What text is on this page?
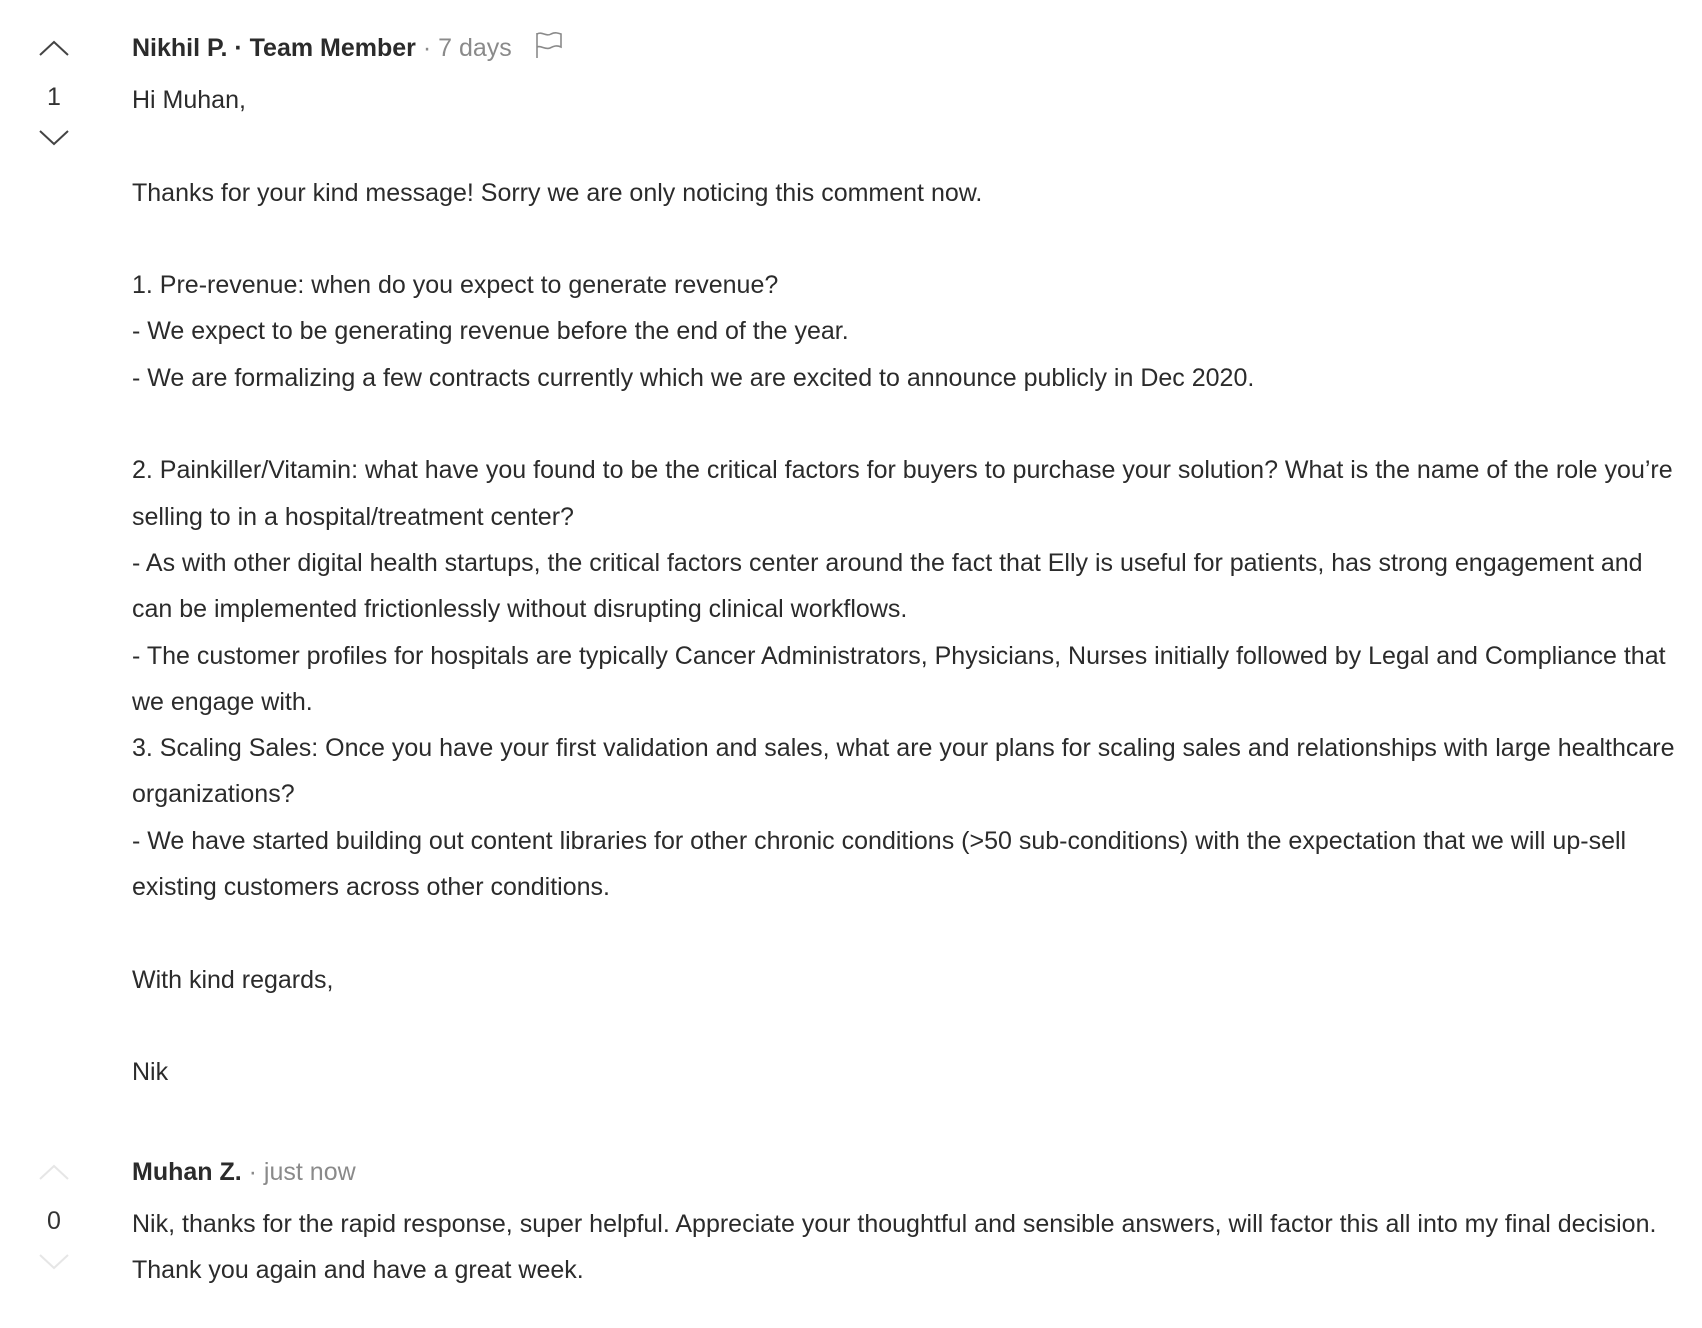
1
Nikhil P. · Team Member · 7 days

Hi Muhan,

Thanks for your kind message! Sorry we are only noticing this comment now.

1. Pre-revenue: when do you expect to generate revenue?

- We expect to be generating revenue before the end of the year.

- We are formalizing a few contracts currently which we are excited to announce publicly in Dec 2020.

2. Painkiller/Vitamin: what have you found to be the critical factors for buyers to purchase your solution? What is the name of the role you’re selling to in a hospital/treatment center?

- As with other digital health startups, the critical factors center around the fact that Elly is useful for patients, has strong engagement and can be implemented frictionlessly without disrupting clinical workflows.

- The customer profiles for hospitals are typically Cancer Administrators, Physicians, Nurses initially followed by Legal and Compliance that we engage with.

3. Scaling Sales: Once you have your first validation and sales, what are your plans for scaling sales and relationships with large healthcare organizations?

- We have started building out content libraries for other chronic conditions (>50 sub-conditions) with the expectation that we will up-sell existing customers across other conditions.

With kind regards,

Nik

0
Muhan Z. · just now

Nik, thanks for the rapid response, super helpful. Appreciate your thoughtful and sensible answers, will factor this all into my final decision. Thank you again and have a great week.
